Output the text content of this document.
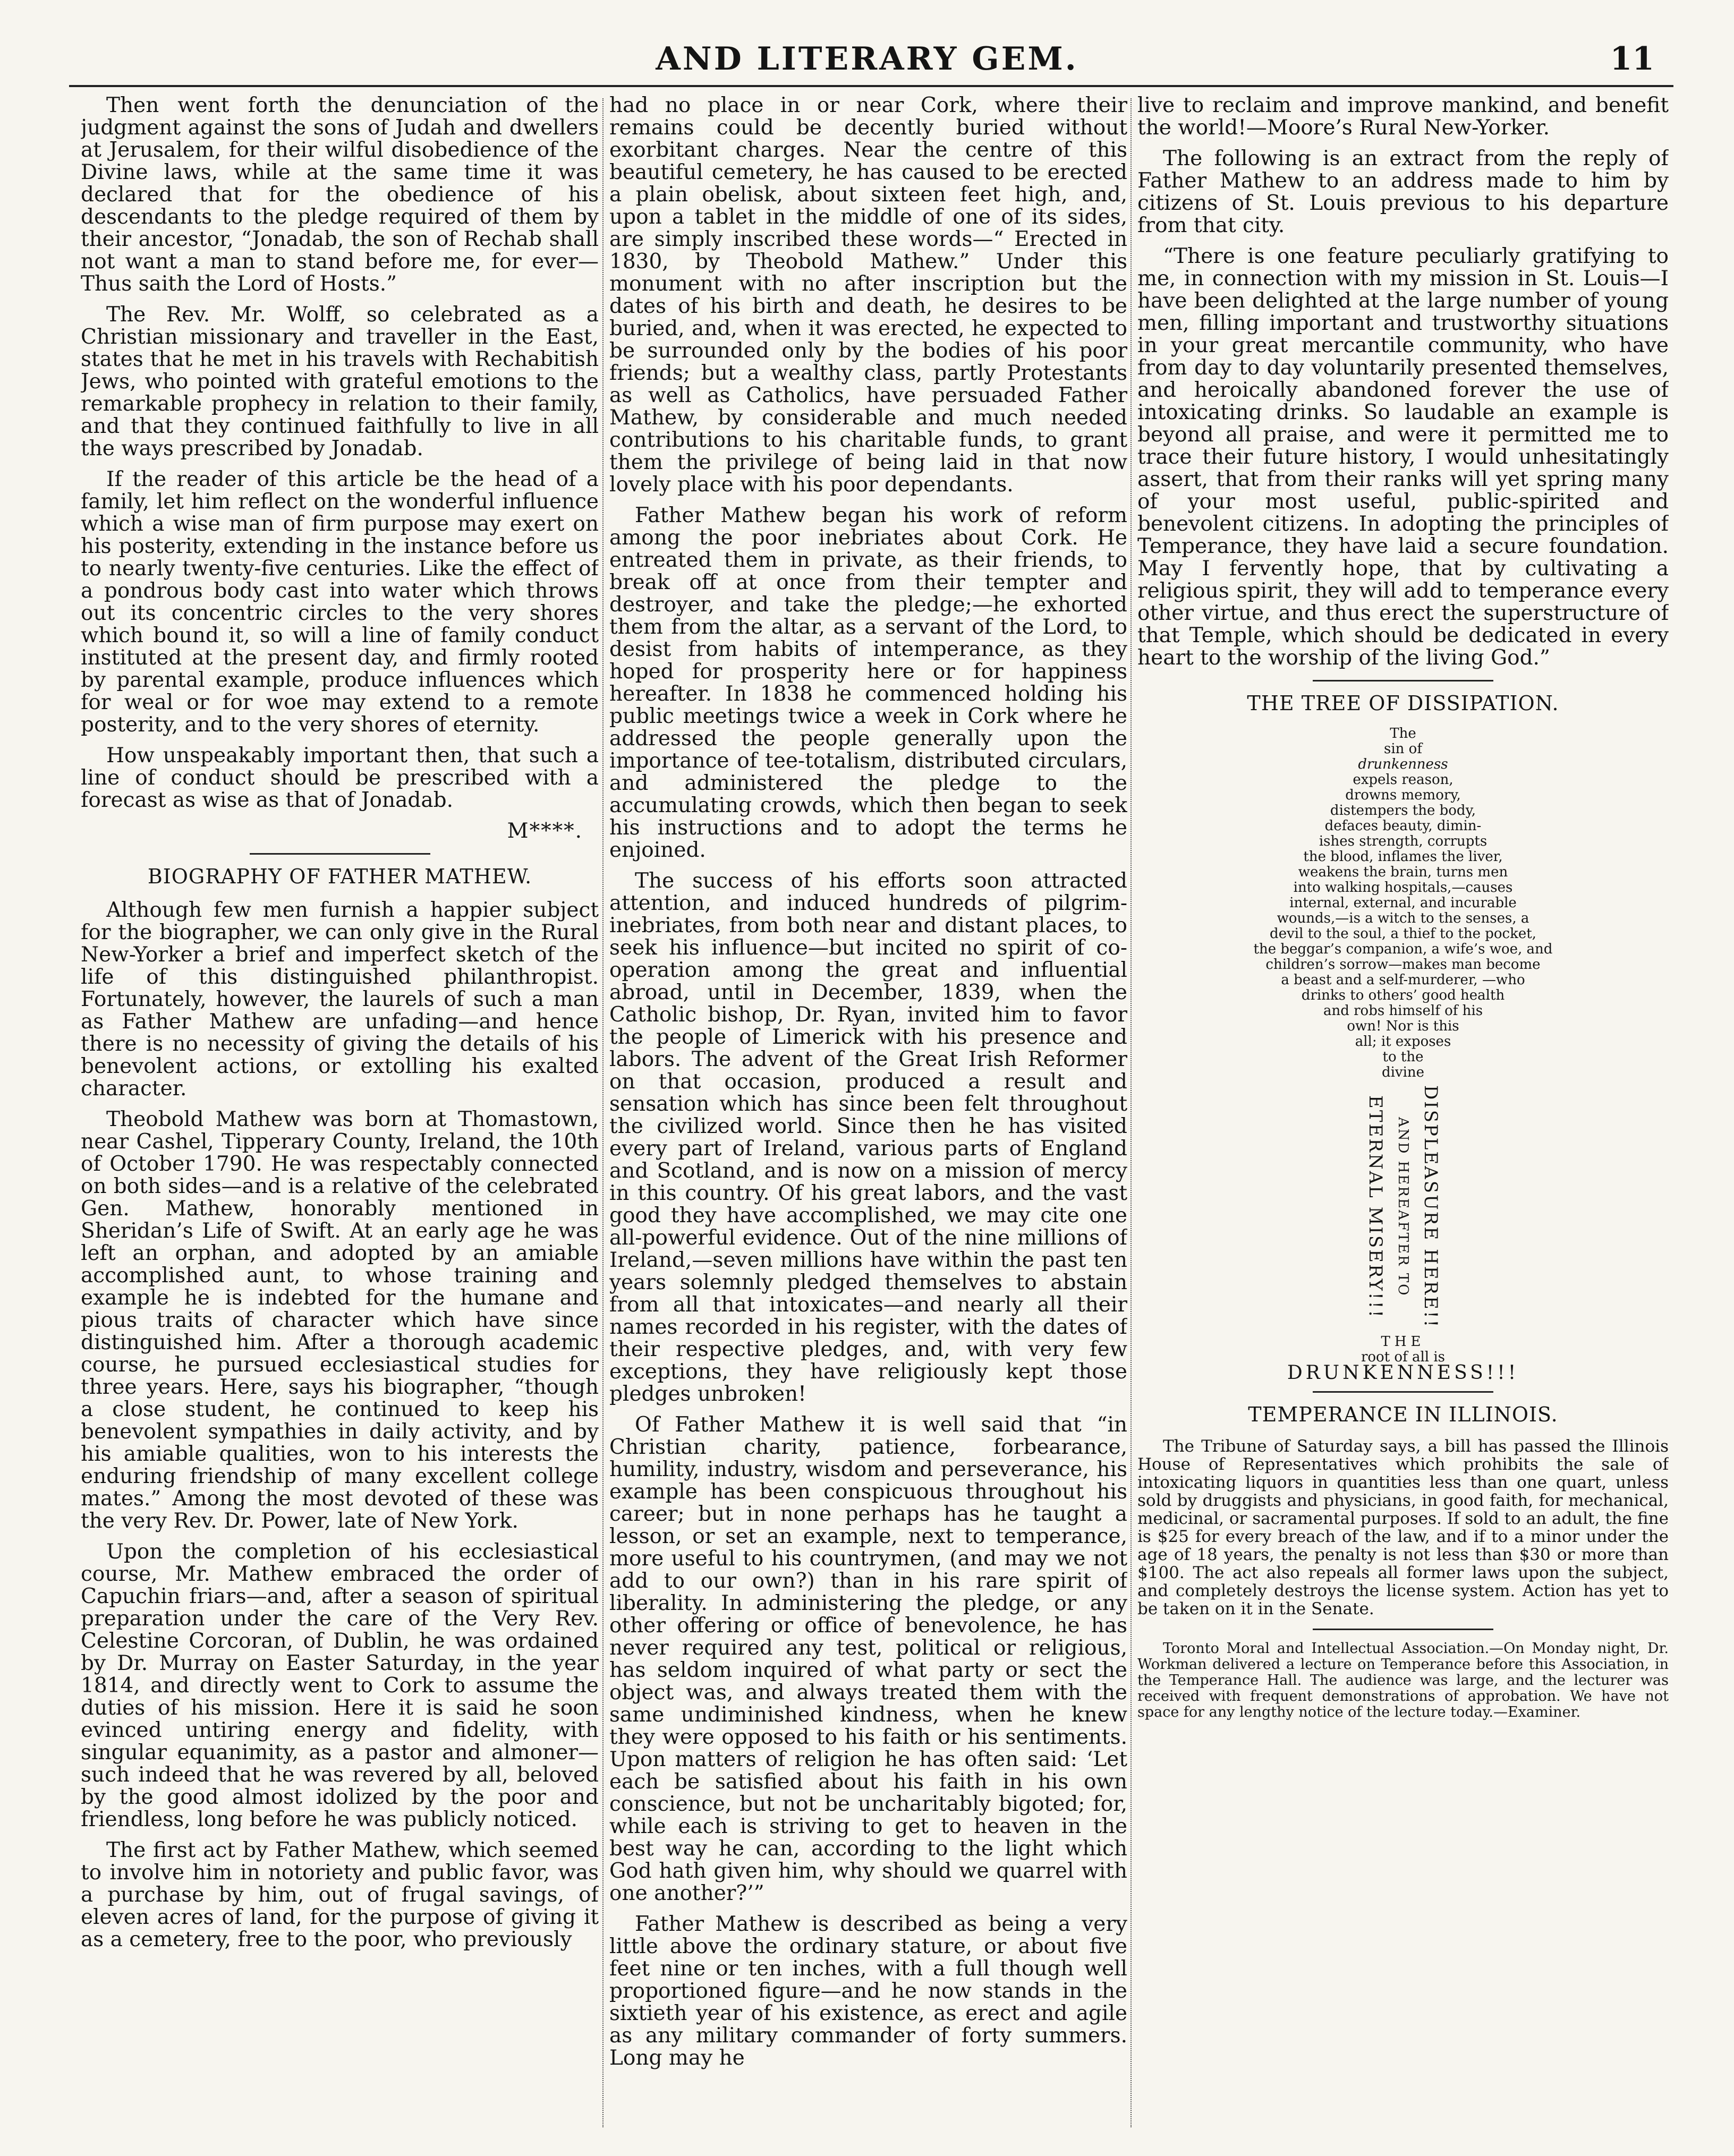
AND LITERARY GEM.	11

Then went forth the denunciation of the judgment against the sons of Judah and dwellers at Jerusalem, for their wilful disobedience of the Divine laws, while at the same time it was declared that for the obedience of his descendants to the pledge required of them by their ancestor, “Jonadab, the son of Rechab shall not want a man to stand before me, for ever—Thus saith the Lord of Hosts.”

The Rev. Mr. Wolff, so celebrated as a Christian missionary and traveller in the East, states that he met in his travels with Rechabitish Jews, who pointed with grateful emotions to the remarkable prophecy in relation to their family, and that they continued faithfully to live in all the ways prescribed by Jonadab.

If the reader of this article be the head of a family, let him reflect on the wonderful influence which a wise man of firm purpose may exert on his posterity, extending in the instance before us to nearly twenty-five centuries. Like the effect of a pondrous body cast into water which throws out its concentric circles to the very shores which bound it, so will a line of family conduct instituted at the present day, and firmly rooted by parental example, produce influences which for weal or for woe may extend to a remote posterity, and to the very shores of eternity.

How unspeakably important then, that such a line of conduct should be prescribed with a forecast as wise as that of Jonadab.

M****.
BIOGRAPHY OF FATHER MATHEW.

Although few men furnish a happier subject for the biographer, we can only give in the Rural New-Yorker a brief and imperfect sketch of the life of this distinguished philanthropist. Fortunately, however, the laurels of such a man as Father Mathew are unfading—and hence there is no necessity of giving the details of his benevolent actions, or extolling his exalted character.

Theobold Mathew was born at Thomastown, near Cashel, Tipperary County, Ireland, the 10th of October 1790. He was respectably connected on both sides—and is a relative of the celebrated Gen. Mathew, honorably mentioned in Sheridan’s Life of Swift. At an early age he was left an orphan, and adopted by an amiable accomplished aunt, to whose training and example he is indebted for the humane and pious traits of character which have since distinguished him. After a thorough academic course, he pursued ecclesiastical studies for three years. Here, says his biographer, “though a close student, he continued to keep his benevolent sympathies in daily activity, and by his amiable qualities, won to his interests the enduring friendship of many excellent college mates.” Among the most devoted of these was the very Rev. Dr. Power, late of New York.

Upon the completion of his ecclesiastical course, Mr. Mathew embraced the order of Capuchin friars—and, after a season of spiritual preparation under the care of the Very Rev. Celestine Corcoran, of Dublin, he was ordained by Dr. Murray on Easter Saturday, in the year 1814, and directly went to Cork to assume the duties of his mission. Here it is said he soon evinced untiring energy and fidelity, with singular equanimity, as a pastor and almoner—such indeed that he was revered by all, beloved by the good almost idolized by the poor and friendless, long before he was publicly noticed.

The first act by Father Mathew, which seemed to involve him in notoriety and public favor, was a purchase by him, out of frugal savings, of eleven acres of land, for the purpose of giving it as a cemetery, free to the poor, who previously

had no place in or near Cork, where their remains could be decently buried without exorbitant charges. Near the centre of this beautiful cemetery, he has caused to be erected a plain obelisk, about sixteen feet high, and, upon a tablet in the middle of one of its sides, are simply inscribed these words—“ Erected in 1830, by Theobold Mathew.” Under this monument with no after inscription but the dates of his birth and death, he desires to be buried, and, when it was erected, he expected to be surrounded only by the bodies of his poor friends; but a wealthy class, partly Protestants as well as Catholics, have persuaded Father Mathew, by considerable and much needed contributions to his charitable funds, to grant them the privilege of being laid in that now lovely place with his poor dependants.

Father Mathew began his work of reform among the poor inebriates about Cork. He entreated them in private, as their friends, to break off at once from their tempter and destroyer, and take the pledge;—he exhorted them from the altar, as a servant of the Lord, to desist from habits of intemperance, as they hoped for prosperity here or for happiness hereafter. In 1838 he commenced holding his public meetings twice a week in Cork where he addressed the people generally upon the importance of tee-totalism, distributed circulars, and administered the pledge to the accumulating crowds, which then began to seek his instructions and to adopt the terms he enjoined.

The success of his efforts soon attracted attention, and induced hundreds of pilgrim-inebriates, from both near and distant places, to seek his influence—but incited no spirit of co-operation among the great and influential abroad, until in December, 1839, when the Catholic bishop, Dr. Ryan, invited him to favor the people of Limerick with his presence and labors. The advent of the Great Irish Reformer on that occasion, produced a result and sensation which has since been felt throughout the civilized world. Since then he has visited every part of Ireland, various parts of England and Scotland, and is now on a mission of mercy in this country. Of his great labors, and the vast good they have accomplished, we may cite one all-powerful evidence. Out of the nine millions of Ireland,—seven millions have within the past ten years solemnly pledged themselves to abstain from all that intoxicates—and nearly all their names recorded in his register, with the dates of their respective pledges, and, with very few exceptions, they have religiously kept those pledges unbroken!

Of Father Mathew it is well said that “in Christian charity, patience, forbearance, humility, industry, wisdom and perseverance, his example has been conspicuous throughout his career; but in none perhaps has he taught a lesson, or set an example, next to temperance, more useful to his countrymen, (and may we not add to our own?) than in his rare spirit of liberality. In administering the pledge, or any other offering or office of benevolence, he has never required any test, political or religious, has seldom inquired of what party or sect the object was, and always treated them with the same undiminished kindness, when he knew they were opposed to his faith or his sentiments. Upon matters of religion he has often said: ‘Let each be satisfied about his faith in his own conscience, but not be uncharitably bigoted; for, while each is striving to get to heaven in the best way he can, according to the light which God hath given him, why should we quarrel with one another?’”

Father Mathew is described as being a very little above the ordinary stature, or about five feet nine or ten inches, with a full though well proportioned figure—and he now stands in the sixtieth year of his existence, as erect and agile as any military commander of forty summers. Long may he

live to reclaim and improve mankind, and benefit the world!—Moore’s Rural New-Yorker.

The following is an extract from the reply of Father Mathew to an address made to him by citizens of St. Louis previous to his departure from that city.

“There is one feature peculiarly gratifying to me, in connection with my mission in St. Louis—I have been delighted at the large number of young men, filling important and trustworthy situations in your great mercantile community, who have from day to day voluntarily presented themselves, and heroically abandoned forever the use of intoxicating drinks. So laudable an example is beyond all praise, and were it permitted me to trace their future history, I would unhesitatingly assert, that from their ranks will yet spring many of your most useful, public-spirited and benevolent citizens. In adopting the principles of Temperance, they have laid a secure foundation. May I fervently hope, that by cultivating a religious spirit, they will add to temperance every other virtue, and thus erect the superstructure of that Temple, which should be dedicated in every heart to the worship of the living God.”

THE TREE OF DISSIPATION.
The
sin of
drunkenness
expels reason,
drowns memory,
distempers the body,
defaces beauty, dimin-
ishes strength, corrupts
the blood, inflames the liver,
weakens the brain, turns men
into walking hospitals,—causes
internal, external, and incurable
wounds,—is a witch to the senses, a
devil to the soul, a thief to the pocket,
the beggar’s companion, a wife’s woe, and
children’s sorrow—makes man become
a beast and a self-murderer, —who
drinks to others’ good health
and robs himself of his
own! Nor is this
all; it exposes
to the
divine
ETERNAL MISERY!!! AND HEREAFTER TO DISPLEASURE HERE!!
THE
root of all is
DRUNKENNESS!!!
TEMPERANCE IN ILLINOIS.

The Tribune of Saturday says, a bill has passed the Illinois House of Representatives which prohibits the sale of intoxicating liquors in quantities less than one quart, unless sold by druggists and physicians, in good faith, for mechanical, medicinal, or sacramental purposes. If sold to an adult, the fine is $25 for every breach of the law, and if to a minor under the age of 18 years, the penalty is not less than $30 or more than $100. The act also repeals all former laws upon the subject, and completely destroys the license system. Action has yet to be taken on it in the Senate.

Toronto Moral and Intellectual Association.—On Monday night, Dr. Workman delivered a lecture on Temperance before this Association, in the Temperance Hall. The audience was large, and the lecturer was received with frequent demonstrations of approbation. We have not space for any lengthy notice of the lecture today.—Examiner.
